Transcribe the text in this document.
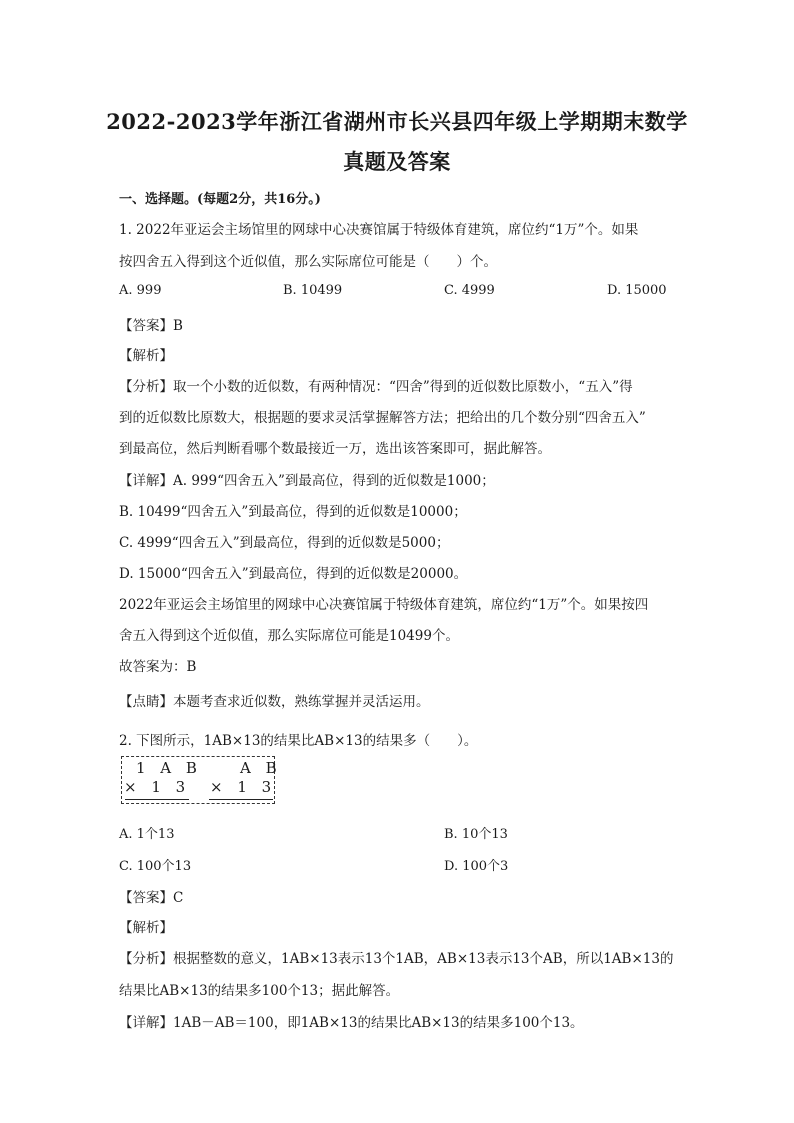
2022-2023学年浙江省湖州市长兴县四年级上学期期末数学
真题及答案
一、选择题。(每题2分，共16分。)
1. 2022年亚运会主场馆里的网球中心决赛馆属于特级体育建筑，席位约“1万”个。如果
按四舍五入得到这个近似值，那么实际席位可能是（　　）个。
A. 999	B. 10499	C. 4999	D. 15000
【答案】B
【解析】
【分析】取一个小数的近似数，有两种情况：“四舍”得到的近似数比原数小，“五入”得
到的近似数比原数大，根据题的要求灵活掌握解答方法；把给出的几个数分别“四舍五入”
到最高位，然后判断看哪个数最接近一万，选出该答案即可，据此解答。
【详解】A. 999“四舍五入”到最高位，得到的近似数是1000；
B. 10499“四舍五入”到最高位，得到的近似数是10000；
C. 4999“四舍五入”到最高位，得到的近似数是5000；
D. 15000“四舍五入”到最高位，得到的近似数是20000。
2022年亚运会主场馆里的网球中心决赛馆属于特级体育建筑，席位约“1万”个。如果按四
舍五入得到这个近似值，那么实际席位可能是10499个。
故答案为：B
【点睛】本题考查求近似数，熟练掌握并灵活运用。
2. 下图所示，1AB×13的结果比AB×13的结果多（　　）。
1 A B
× 1 3
A B
× 1 3
A. 1个13	B. 10个13
C. 100个13	D. 100个3
【答案】C
【解析】
【分析】根据整数的意义，1AB×13表示13个1AB，AB×13表示13个AB，所以1AB×13的
结果比AB×13的结果多100个13；据此解答。
【详解】1AB－AB＝100，即1AB×13的结果比AB×13的结果多100个13。
